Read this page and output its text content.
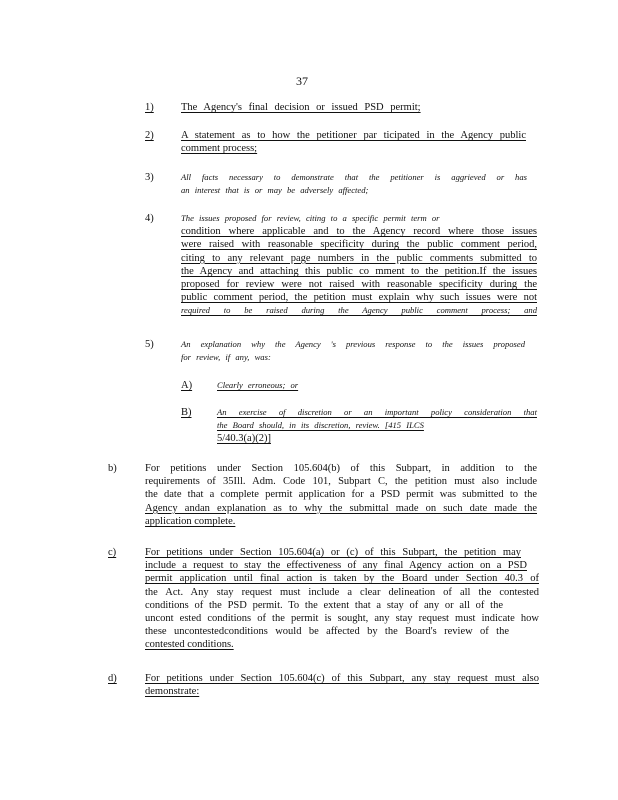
37
1)	The Agency's final decision or issued PSD permit;
2)	A statement as to how the petitioner par ticipated in the Agency public
comment process;
3)	All facts necessary to demonstrate that the petitioner is aggrieved or has
an interest that is or may be adversely affected;
4)	The issues proposed for review, citing to a specific permit term or
condition where applicable and to the Agency record where those issues
were raised with reasonable specificity during the public comment period,
citing to any relevant page numbers in the public comments submitted to
the Agency and attaching this public co mment to the petition.If the issues
proposed for review were not raised with reasonable specificity during the
public comment period, the petition must explain why such issues were not
required to be raised during the Agency public comment process; and
5)	An explanation why the Agency 's previous response to the issues proposed
for review, if any, was:
A)	Clearly erroneous; or
B)	An exercise of discretion or an important policy consideration that
the Board should, in its discretion, review. [415 ILCS
5/40.3(a)(2)]
b)	For petitions under Section 105.604(b) of this Subpart, in addition to the
requirements of 35Ill. Adm. Code 101, Subpart C, the petition must also include
the date that a complete permit application for a PSD permit was submitted to the
Agency andan explanation as to why the submittal made on such date made the
application complete.
c)	For petitions under Section 105.604(a) or (c) of this Subpart, the petition may
include a request to stay the effectiveness of any final Agency action on a PSD
permit application until final action is taken by the Board under Section 40.3 of
the Act. Any stay request must include a clear delineation of all the contested
conditions of the PSD permit. To the extent that a stay of any or all of the
uncont ested conditions of the permit is sought, any stay request must indicate how
these uncontestedconditions would be affected by the Board's review of the
contested conditions.
d)	For petitions under Section 105.604(c) of this Subpart, any stay request must also
demonstrate:
